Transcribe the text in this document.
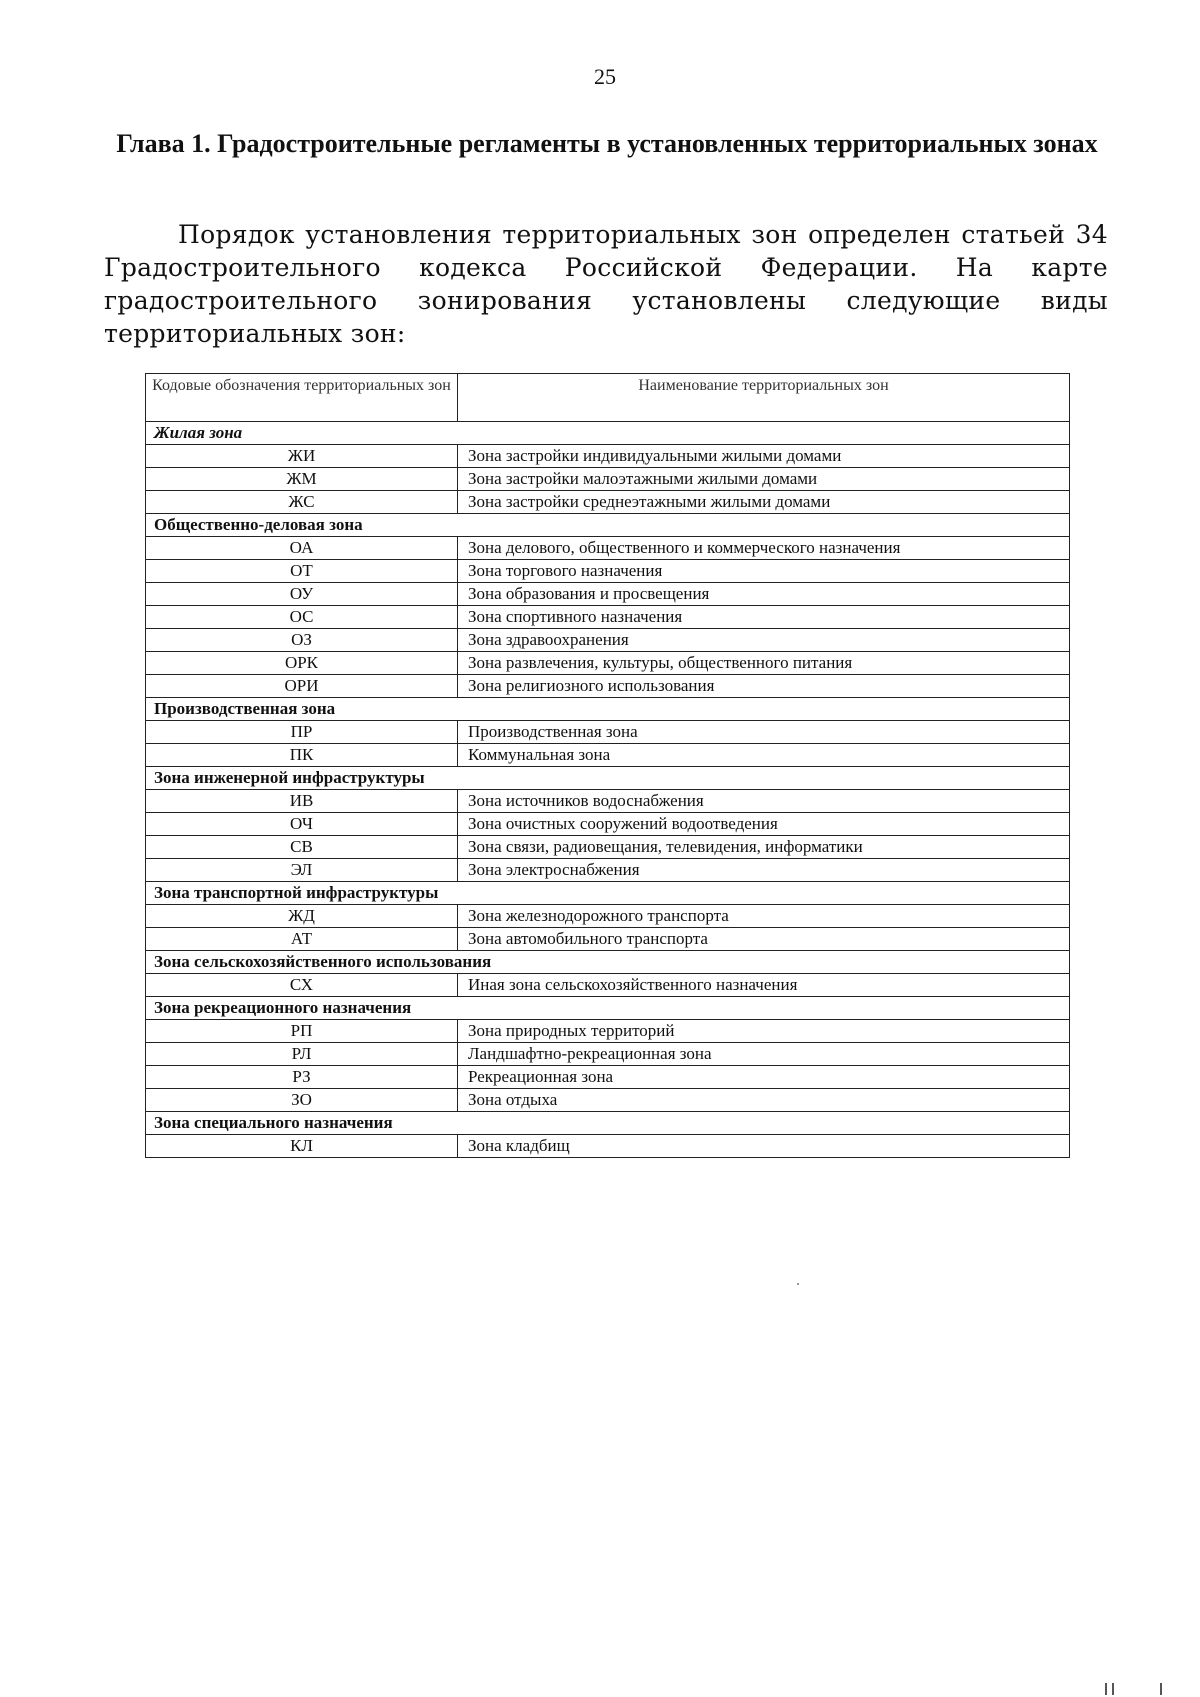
25
Глава 1. Градостроительные регламенты в установленных территориальных зонах

Порядок установления территориальных зон определен статьей 34 Градостроительного кодекса Российской Федерации. На карте градостроительного зонирования установлены следующие виды территориальных зон:

Кодовые обозначения территориальных зон	Наименование территориальных зон
Жилая зона	
ЖИ	Зона застройки индивидуальными жилыми домами
ЖМ	Зона застройки малоэтажными жилыми домами
ЖС	Зона застройки среднеэтажными жилыми домами
Общественно-деловая зона	
ОА	Зона делового, общественного и коммерческого назначения
ОТ	Зона торгового назначения
ОУ	Зона образования и просвещения
ОС	Зона спортивного назначения
ОЗ	Зона здравоохранения
ОРК	Зона развлечения, культуры, общественного питания
ОРИ	Зона религиозного использования
Производственная зона	
ПР	Производственная зона
ПК	Коммунальная зона
Зона инженерной инфраструктуры	
ИВ	Зона источников водоснабжения
ОЧ	Зона очистных сооружений водоотведения
СВ	Зона связи, радиовещания, телевидения, информатики
ЭЛ	Зона электроснабжения
Зона транспортной инфраструктуры	
ЖД	Зона железнодорожного транспорта
АТ	Зона автомобильного транспорта
Зона сельскохозяйственного использования	
СХ	Иная зона сельскохозяйственного назначения
Зона рекреационного назначения	
РП	Зона природных территорий
РЛ	Ландшафтно-рекреационная зона
РЗ	Рекреационная зона
ЗО	Зона отдыха
Зона специального назначения	
КЛ	Зона кладбищ
